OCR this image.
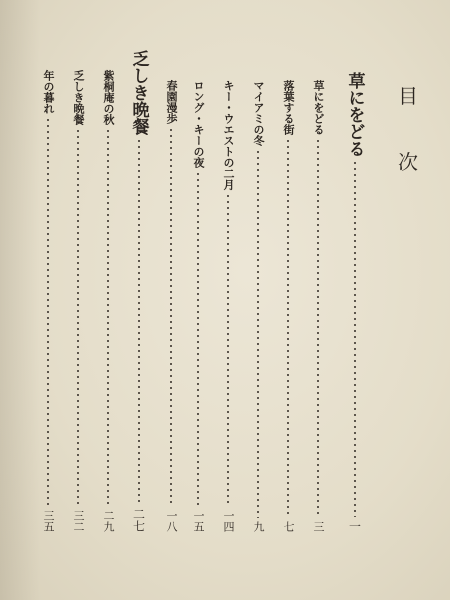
目
次
草にをどる
一
草にをどる
三
落葉する街
七
マイアミの冬
九
キー・ウエストの二月
一四
ロング・キーの夜
一五
春園漫歩
一八
乏しき晩餐
二七
紫桐庵の秋
二九
乏しき晩餐
三二
年の暮れ
三五
